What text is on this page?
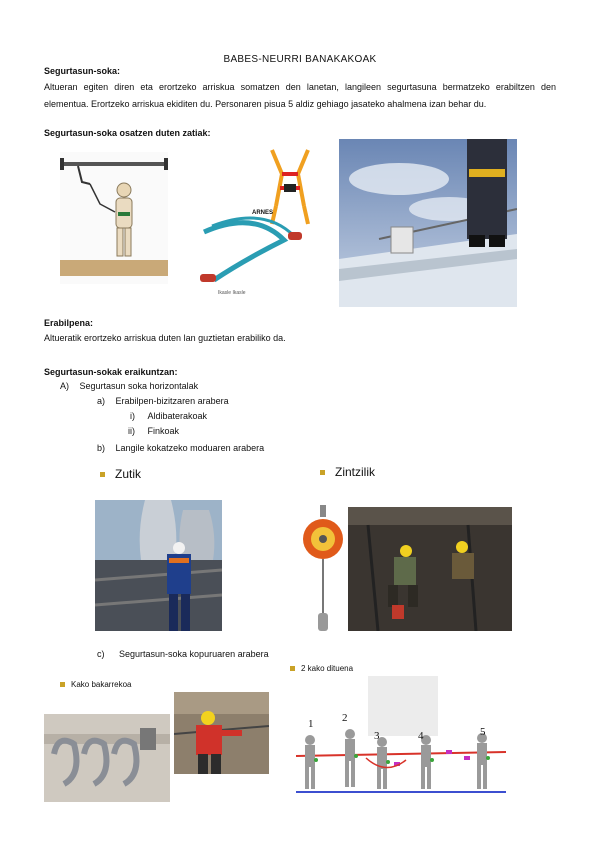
BABES-NEURRI BANAKAKOAK
Segurtasun-soka:
Altueran egiten diren eta erortzeko arriskua somatzen den lanetan, langileen segurtasuna bermatzeko erabiltzen den elementua. Erortzeko arriskua ekiditen du. Personaren pisua 5 aldiz gehiago jasateko ahalmena izan behar du.
Segurtasun-soka osatzen duten zatiak:
ARNES
Ikasle Ikasle
Erabilpena:
Altueratik erortzeko arriskua duten lan guztietan erabiliko da.
Segurtasun-sokak eraikuntzan:
A) Segurtasun soka horizontalak
a) Erabilpen-bizitzaren arabera
i) Aldibaterakoak
ii) Finkoak
b) Langile kokatzeko moduaren arabera
Zutik	Zintzilik
c) Segurtasun-soka kopuruaren arabera
2 kako dituena
Kako bakarrekoa
1	2
3	4	5
